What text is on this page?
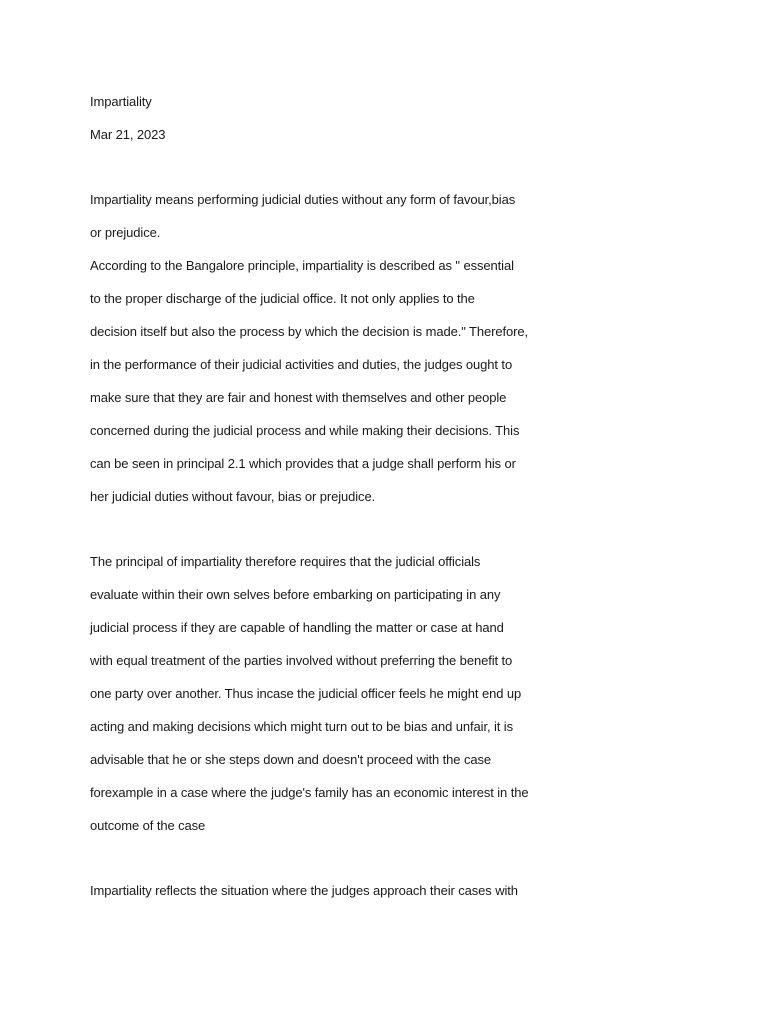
Impartiality
Mar 21, 2023
Impartiality means performing judicial duties without any form of favour,bias
or prejudice.
According to the Bangalore principle, impartiality is described as " essential
to the proper discharge of the judicial office. It not only applies to the
decision itself but also the process by which the decision is made." Therefore,
in the performance of their judicial activities and duties, the judges ought to
make sure that they are fair and honest with themselves and other people
concerned during the judicial process and while making their decisions. This
can be seen in principal 2.1 which provides that a judge shall perform his or
her judicial duties without favour, bias or prejudice.
The principal of impartiality therefore requires that the judicial officials
evaluate within their own selves before embarking on participating in any
judicial process if they are capable of handling the matter or case at hand
with equal treatment of the parties involved without preferring the benefit to
one party over another. Thus incase the judicial officer feels he might end up
acting and making decisions which might turn out to be bias and unfair, it is
advisable that he or she steps down and doesn't proceed with the case
forexample in a case where the judge's family has an economic interest in the
outcome of the case
Impartiality reflects the situation where the judges approach their cases with
